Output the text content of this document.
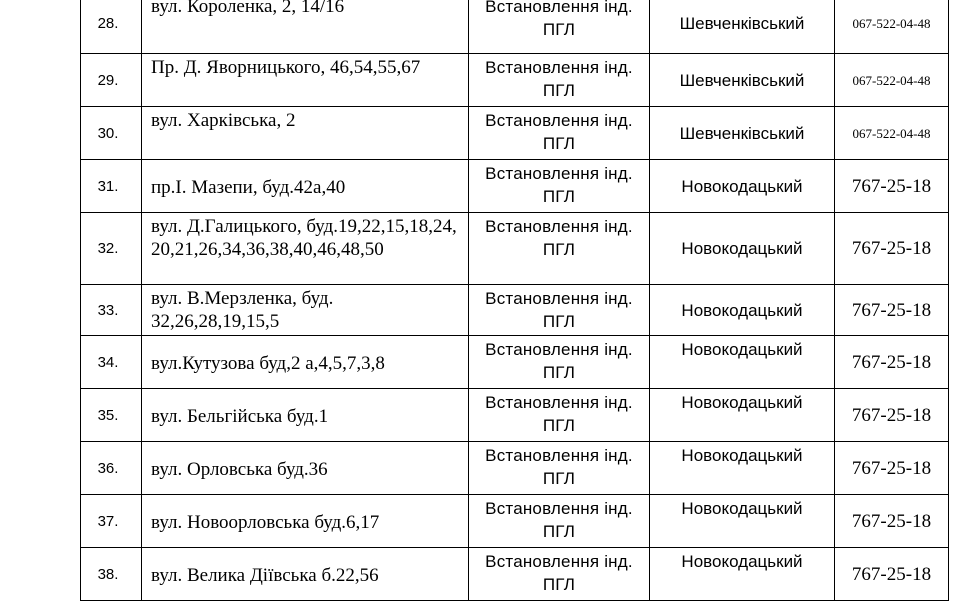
28.	вул. Короленка, 2, 14/16	Встановлення інд. ПГЛ	Шевченківський	067-522-04-48
29.	Пр. Д. Яворницького, 46,54,55,67	Встановлення інд. ПГЛ	Шевченківський	067-522-04-48
30.	вул. Харківська, 2	Встановлення інд. ПГЛ	Шевченківський	067-522-04-48
31.	пр.І. Мазепи, буд.42а,40	Встановлення інд. ПГЛ	Новокодацький	767-25-18
32.	вул. Д.Галицького, буд.19,22,15,18,24,20,21,26,34,36,38,40,46,48,50	Встановлення інд. ПГЛ	Новокодацький	767-25-18
33.	вул. В.Мерзленка, буд. 32,26,28,19,15,5	Встановлення інд. ПГЛ	Новокодацький	767-25-18
34.	вул.Кутузова буд,2 а,4,5,7,3,8	Встановлення інд. ПГЛ	Новокодацький	767-25-18
35.	вул. Бельгійська буд.1	Встановлення інд. ПГЛ	Новокодацький	767-25-18
36.	вул. Орловська буд.36	Встановлення інд. ПГЛ	Новокодацький	767-25-18
37.	вул. Новоорловська буд.6,17	Встановлення інд. ПГЛ	Новокодацький	767-25-18
38.	вул. Велика Діївська б.22,56	Встановлення інд. ПГЛ	Новокодацький	767-25-18
